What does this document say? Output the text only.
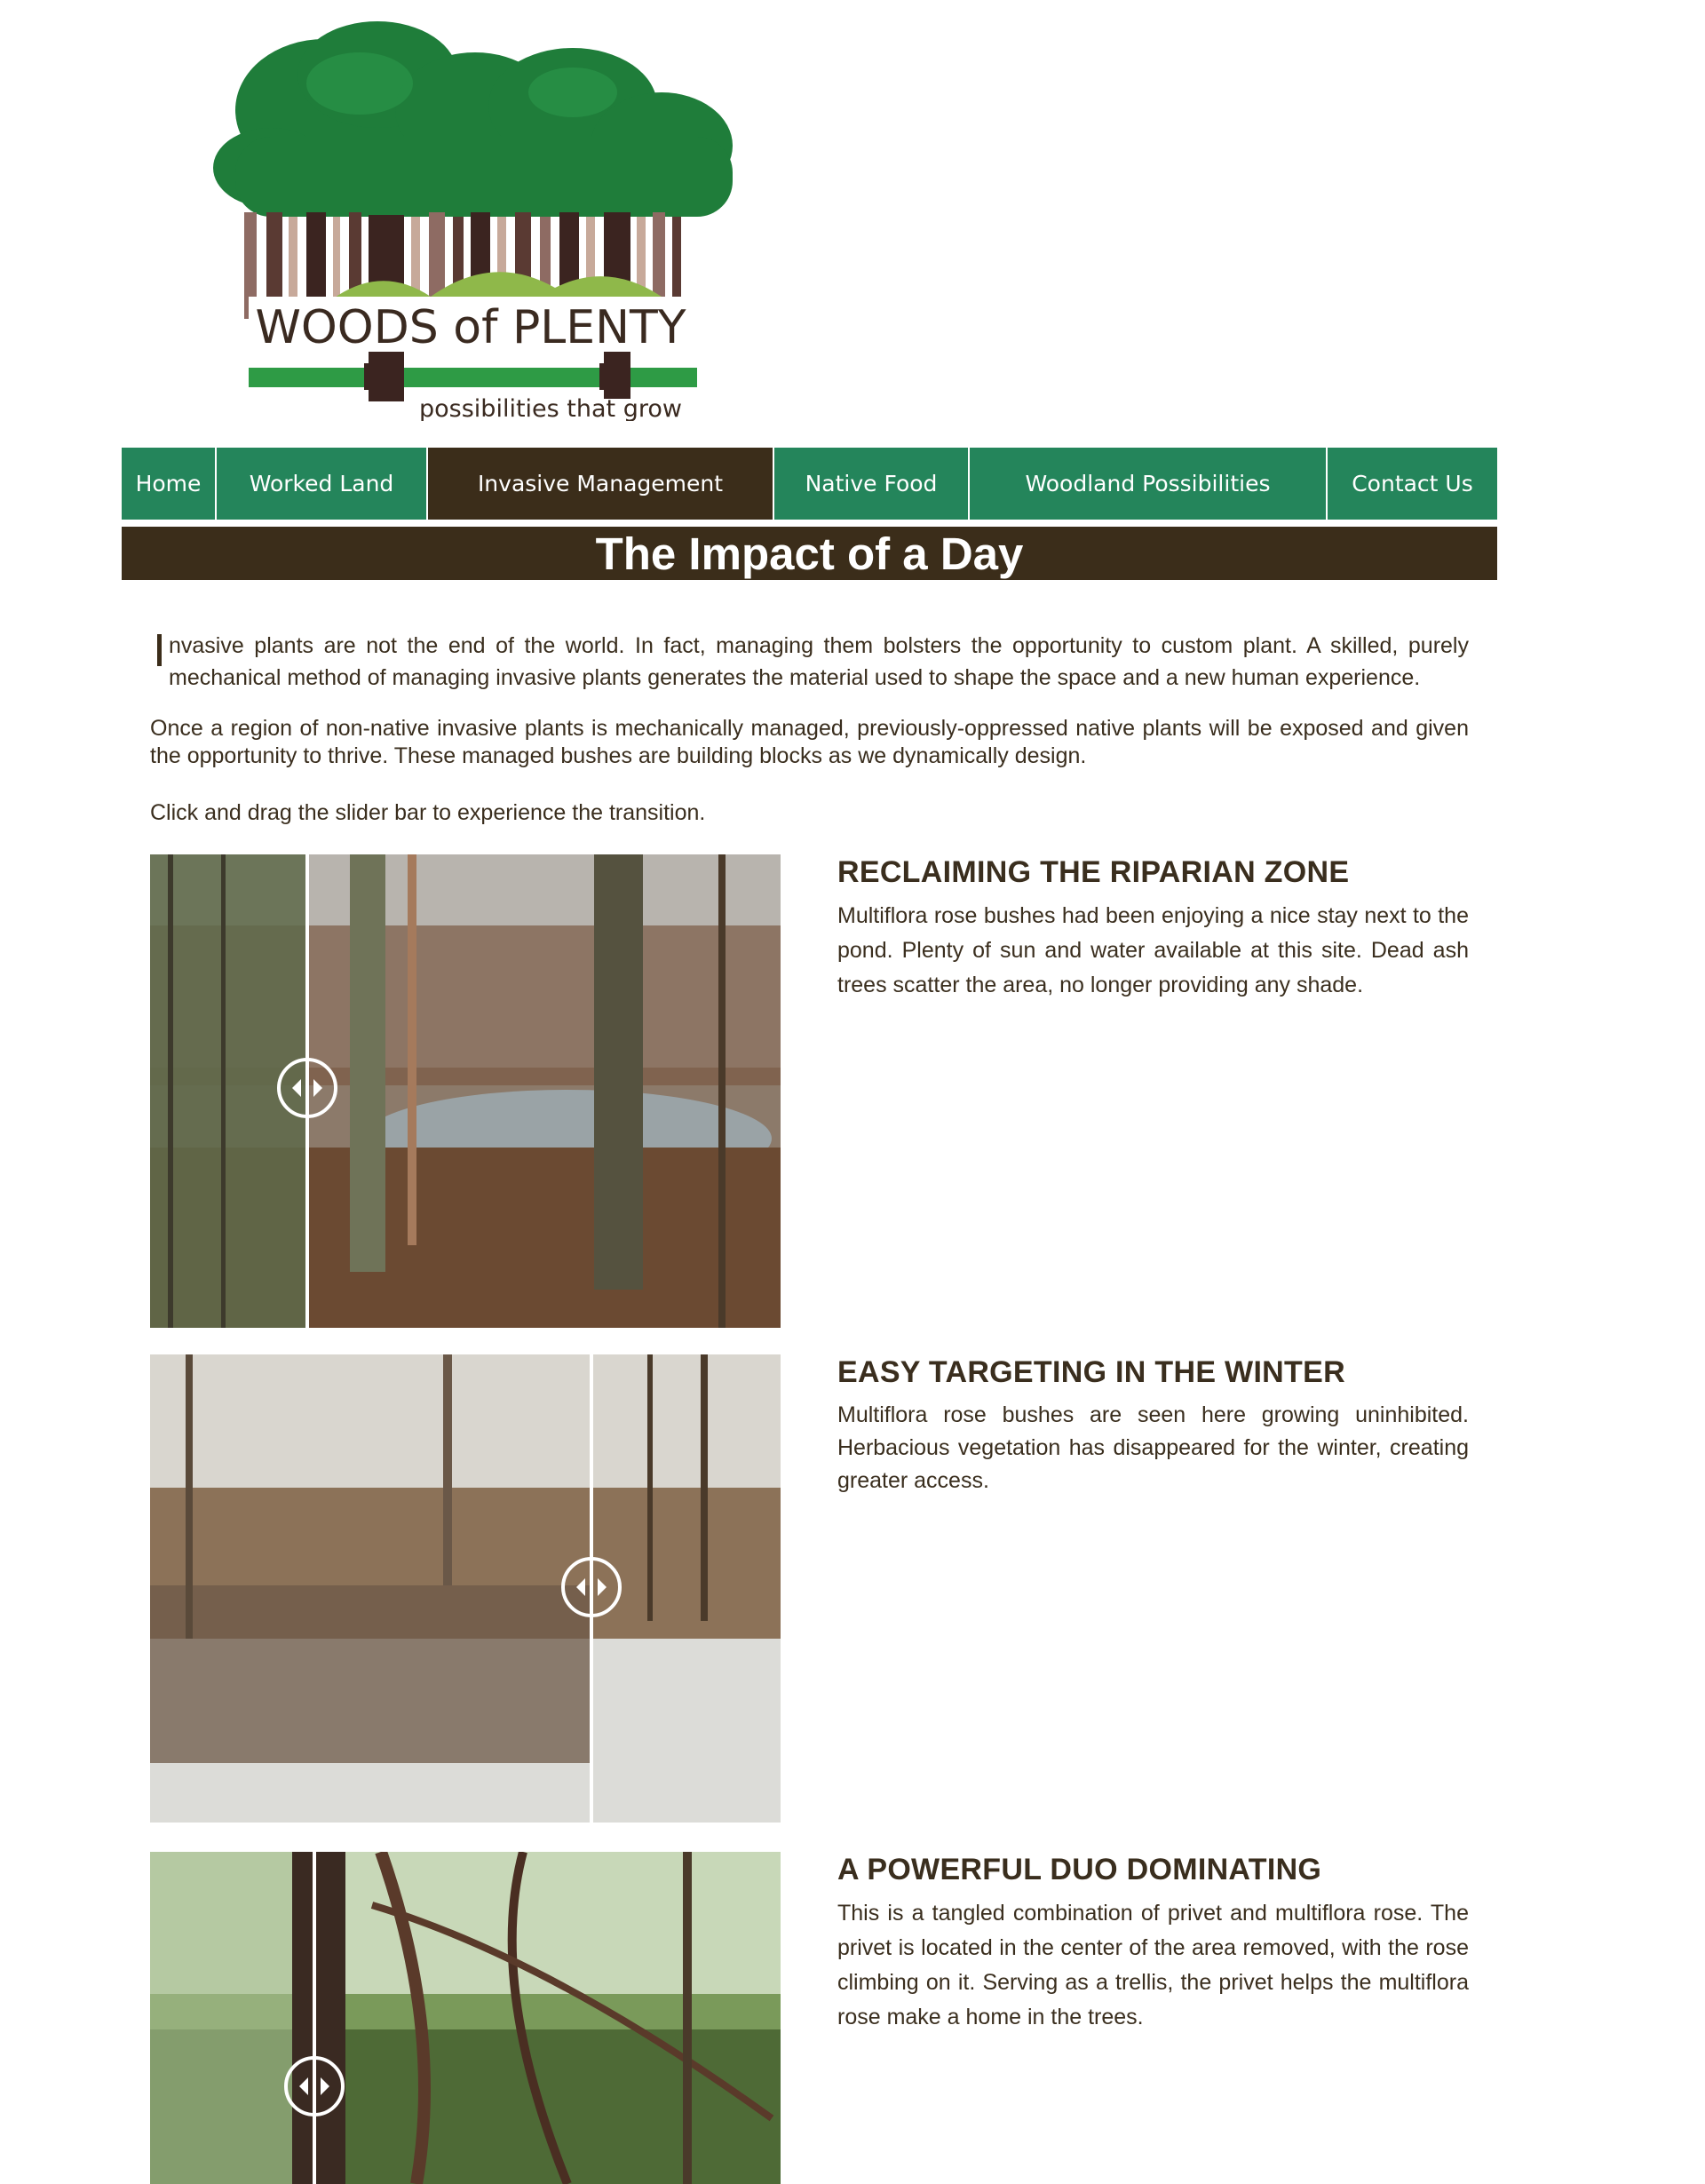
WOODS of PLENTY
possibilities that grow
Home Worked Land	Invasive Management	Native Food	Woodland Possibilities	Contact Us
The Impact of a Day
nvasive plants are not the end of the world. In fact, managing them bolsters the opportunity to custom plant. A skilled, purely mechanical method of managing invasive plants generates the material used to shape the space and a new human experience.
Once a region of non-native invasive plants is mechanically managed, previously-oppressed native plants will be exposed and given the opportunity to thrive. These managed bushes are building blocks as we dynamically design.
Click and drag the slider bar to experience the transition.
RECLAIMING THE RIPARIAN ZONE
Multiflora rose bushes had been enjoying a nice stay next to the pond. Plenty of sun and water available at this site. Dead ash trees scatter the area, no longer providing any shade.
EASY TARGETING IN THE WINTER
Multiflora rose bushes are seen here growing uninhibited. Herbacious vegetation has disappeared for the winter, creating greater access.
A POWERFUL DUO DOMINATING
This is a tangled combination of privet and multiflora rose. The privet is located in the center of the area removed, with the rose climbing on it. Serving as a trellis, the privet helps the multiflora rose make a home in the trees.
